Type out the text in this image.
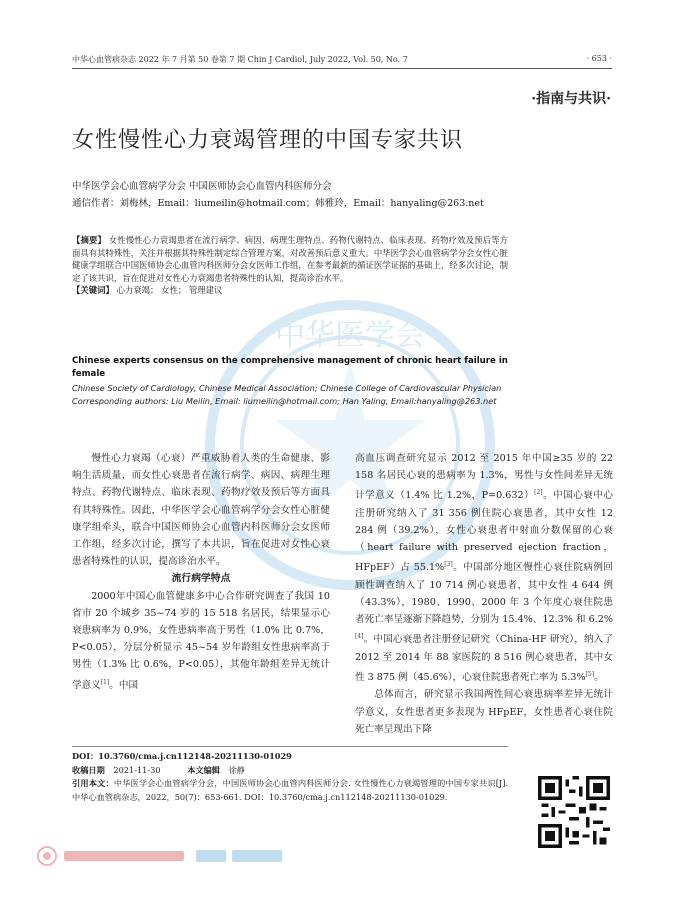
中华心血管病杂志 2022 年 7 月第 50 卷第 7 期 Chin J Cardiol, July 2022, Vol. 50, No. 7	· 653 ·
·指南与共识·
女性慢性心力衰竭管理的中国专家共识
中华医学会心血管病学分会 中国医师协会心血管内科医师分会
通信作者：刘梅林，Email：liumeilin@hotmail.com；韩雅玲，Email：hanyaling@263.net
中华医学会
【摘要】 女性慢性心力衰竭患者在流行病学、病因、病理生理特点、药物代谢特点、临床表现、药物疗效及预后等方面具有其特殊性，关注并根据其特殊性制定综合管理方案，对改善预后意义重大。中华医学会心血管病学分会女性心脏健康学组联合中国医师协会心血管内科医师分会女医师工作组，在参考最新的循证医学证据的基础上，经多次讨论，制定了该共识，旨在促进对女性心力衰竭患者特殊性的认知，提高诊治水平。
【关键词】 心力衰竭； 女性； 管理建议
Chinese experts consensus on the comprehensive management of chronic heart failure in female
Chinese Society of Cardiology, Chinese Medical Association; Chinese College of Cardiovascular Physician
Corresponding authors: Liu Meilin, Email: liumeilin@hotmail.com; Han Yaling, Email:hanyaling@263.net

慢性心力衰竭（心衰）严重威胁着人类的生命健康、影响生活质量，而女性心衰患者在流行病学、病因、病理生理特点、药物代谢特点、临床表现、药物疗效及预后等方面具有其特殊性。因此，中华医学会心血管病学分会女性心脏健康学组牵头，联合中国医师协会心血管内科医师分会女医师工作组，经多次讨论，撰写了本共识，旨在促进对女性心衰患者特殊性的认识，提高诊治水平。

流行病学特点

2000年中国心血管健康多中心合作研究调查了我国 10 省市 20 个城乡 35~74 岁的 15 518 名居民，结果显示心衰患病率为 0.9%，女性患病率高于男性（1.0% 比 0.7%，P<0.05），分层分析显示 45~54 岁年龄组女性患病率高于男性（1.3% 比 0.6%，P<0.05），其他年龄组差异无统计学意义[1]。中国

高血压调查研究显示 2012 至 2015 年中国≥35 岁的 22 158 名居民心衰的患病率为 1.3%，男性与女性间差异无统计学意义（1.4% 比 1.2%，P=0.632）[2]。中国心衰中心注册研究纳入了 31 356 例住院心衰患者，其中女性 12 284 例（39.2%），女性心衰患者中射血分数保留的心衰（heart failure with preserved ejection fraction，HFpEF）占 55.1%[3]。中国部分地区慢性心衰住院病例回顾性调查纳入了 10 714 例心衰患者，其中女性 4 644 例（43.3%），1980、1990、2000 年 3 个年度心衰住院患者死亡率呈逐渐下降趋势，分别为 15.4%、12.3% 和 6.2%[4]。中国心衰患者注册登记研究（China-HF 研究），纳入了 2012 至 2014 年 88 家医院的 8 516 例心衰患者，其中女性 3 875 例（45.6%），心衰住院患者死亡率为 5.3%[5]。

总体而言，研究显示我国两性间心衰患病率差异无统计学意义，女性患者更多表现为 HFpEF，女性患者心衰住院死亡率呈现出下降

DOI：10.3760/cma.j.cn112148-20211130-01029

收稿日期 2021-11-30	本文编辑 徐静

引用本文：中华医学会心血管病学分会，中国医师协会心血管内科医师分会. 女性慢性心力衰竭管理的中国专家共识[J]. 中华心血管病杂志，2022，50(7)：653-661. DOI：10.3760/cma.j.cn112148-20211130-01029.
